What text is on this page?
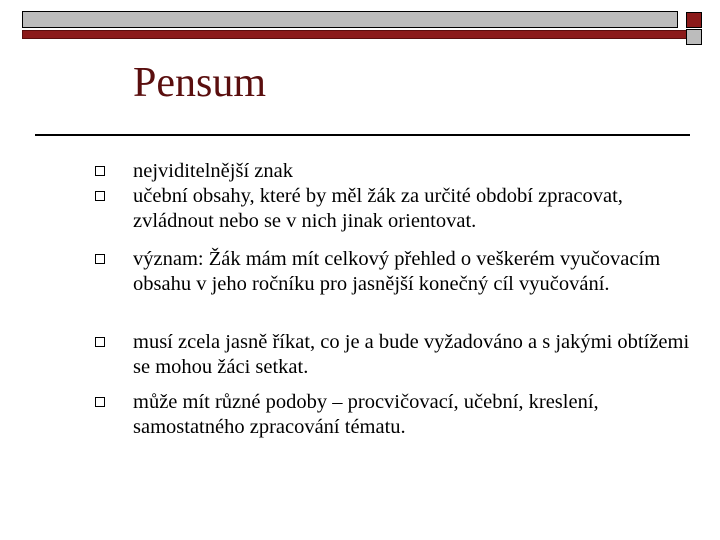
Pensum
nejviditelnější znak
učební obsahy, které by měl žák za určité období zpracovat, zvládnout nebo se v nich jinak orientovat.
význam: Žák mám mít celkový přehled o veškerém vyučovacím obsahu v jeho ročníku pro jasnější konečný cíl vyučování.
musí zcela jasně říkat, co je a bude vyžadováno a s jakými obtížemi se mohou žáci setkat.
může mít různé podoby – procvičovací, učební, kreslení, samostatného zpracování tématu.
